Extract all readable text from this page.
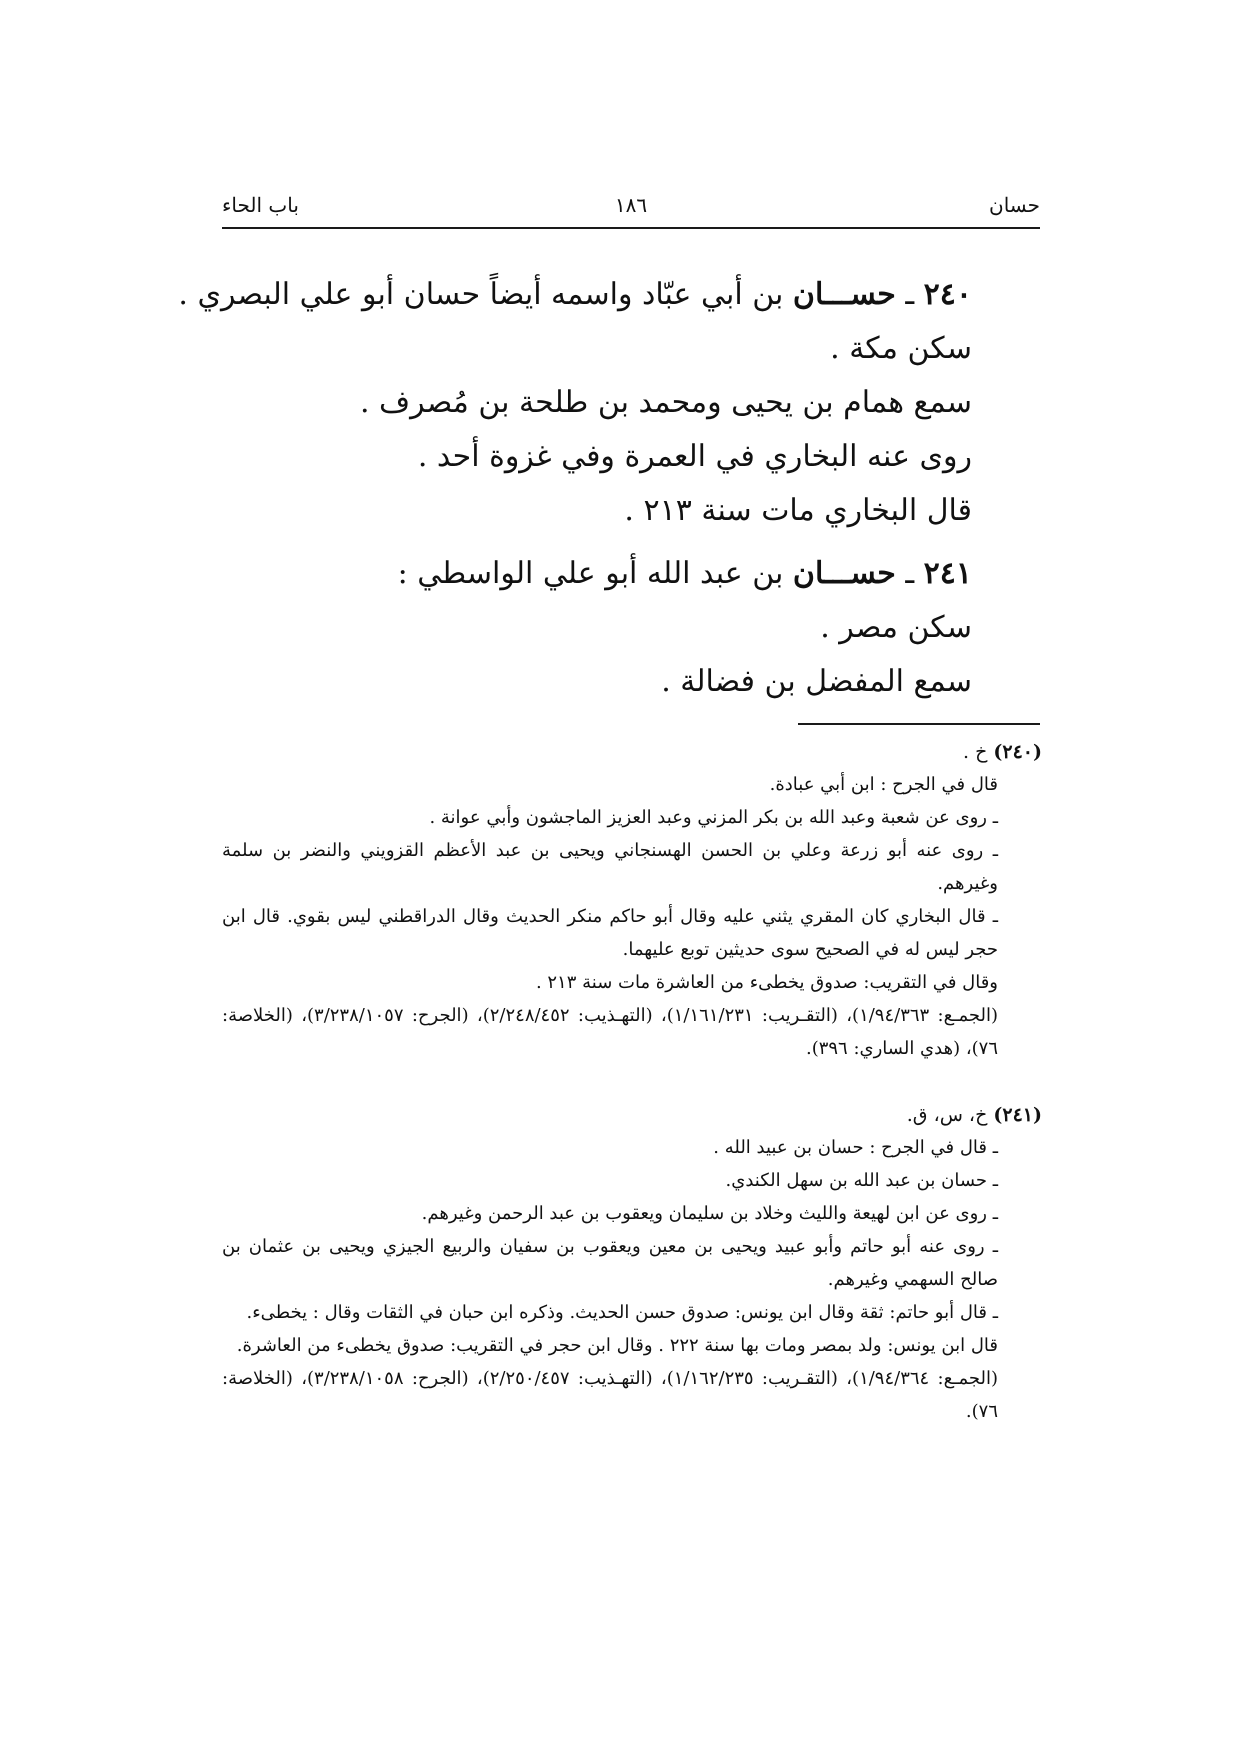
حسان
١٨٦
باب الحاء
٢٤٠ ـ حســـان بن أبي عبّاد واسمه أيضاً حسان أبو علي البصري .
سكن مكة .
سمع همام بن يحيى ومحمد بن طلحة بن مُصرف .
روى عنه البخاري في العمرة وفي غزوة أحد .
قال البخاري مات سنة ٢١٣ .
٢٤١ ـ حســـان بن عبد الله أبو علي الواسطي :
سكن مصر .
سمع المفضل بن فضالة .
(٢٤٠) خ .
قال في الجرح : ابن أبي عبادة.
ـ روى عن شعبة وعبد الله بن بكر المزني وعبد العزيز الماجشون وأبي عوانة .
ـ روى عنه أبو زرعة وعلي بن الحسن الهسنجاني ويحيى بن عبد الأعظم القزويني والنضر بن سلمة وغيرهم.
ـ قال البخاري كان المقري يثني عليه وقال أبو حاكم منكر الحديث وقال الدراقطني ليس بقوي. قال ابن حجر ليس له في الصحيح سوى حديثين توبع عليهما.
وقال في التقريب: صدوق يخطىء من العاشرة مات سنة ٢١٣ .
(الجمـع: ١/٩٤/٣٦٣)، (التقـريب: ١/١٦١/٢٣١)، (التهـذيب: ٢/٢٤٨/٤٥٢)، (الجرح: ٣/٢٣٨/١٠٥٧)، (الخلاصة: ٧٦)، (هدي الساري: ٣٩٦).
(٢٤١) خ، س، ق.
ـ قال في الجرح : حسان بن عبيد الله .
ـ حسان بن عبد الله بن سهل الكندي.
ـ روى عن ابن لهيعة والليث وخلاد بن سليمان ويعقوب بن عبد الرحمن وغيرهم.
ـ روى عنه أبو حاتم وأبو عبيد ويحيى بن معين ويعقوب بن سفيان والربيع الجيزي ويحيى بن عثمان بن صالح السهمي وغيرهم.
ـ قال أبو حاتم: ثقة وقال ابن يونس: صدوق حسن الحديث. وذكره ابن حبان في الثقات وقال : يخطىء.
قال ابن يونس: ولد بمصر ومات بها سنة ٢٢٢ . وقال ابن حجر في التقريب: صدوق يخطىء من العاشرة.
(الجمـع: ١/٩٤/٣٦٤)، (التقـريب: ١/١٦٢/٢٣٥)، (التهـذيب: ٢/٢٥٠/٤٥٧)، (الجرح: ٣/٢٣٨/١٠٥٨)، (الخلاصة: ٧٦).
